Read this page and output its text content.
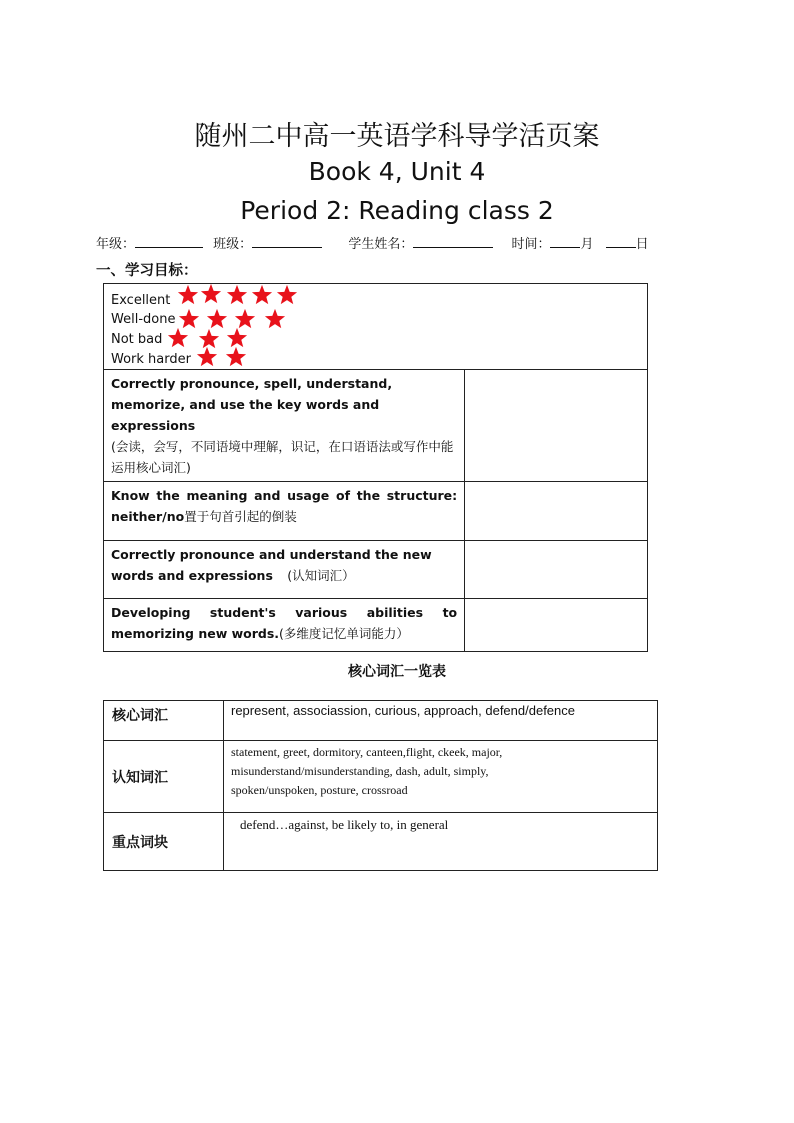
随州二中高一英语学科导学活页案
Book 4, Unit 4
Period 2: Reading class 2
年级：	班级：	学生姓名：	时间： 月	日
一、学习目标：
Excellent
Well-done
Not bad
Work harder	

Correctly pronounce, spell, understand, memorize, and use the key words and expressions
(会读，会写，不同语境中理解，识记，在口语语法或写作中能运用核心词汇)	

Know the meaning and usage of the structure:
neither/no置于句首引起的倒装	
Correctly pronounce and understand the new words and expressions (认知词汇）	

Developing student's various abilities to
memorizing new words.(多维度记忆单词能力）	
核心词汇一览表
核心词汇	represent, associassion, curious, approach, defend/defence
认知词汇	statement, greet, dormitory, canteen,flight, ckeek, major,
misunderstand/misunderstanding, dash, adult, simply,
spoken/unspoken, posture, crossroad

重点词块	defend…against, be likely to, in general
